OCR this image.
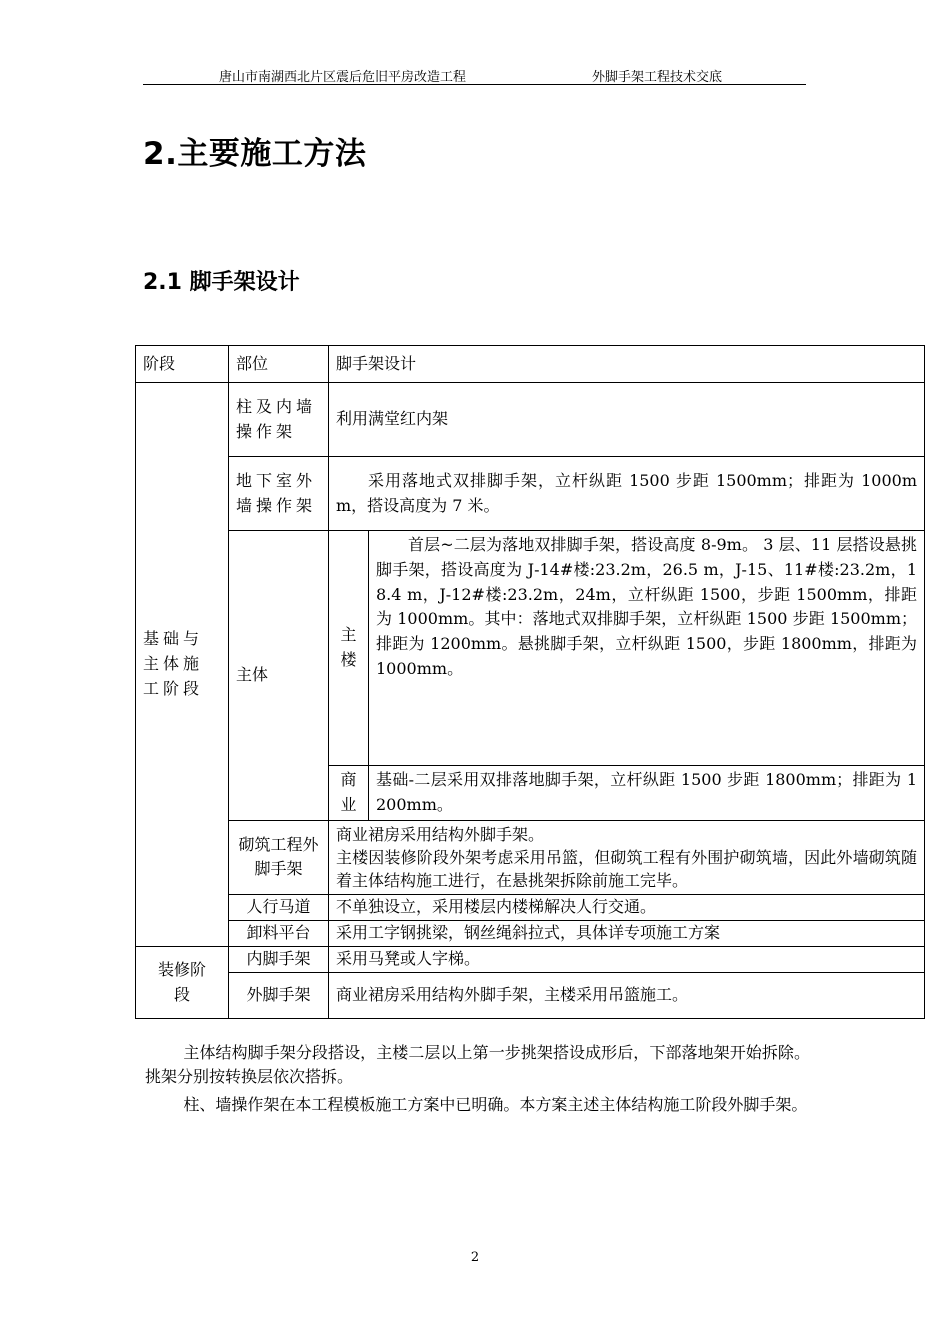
唐山市南湖西北片区震后危旧平房改造工程	外脚手架工程技术交底
2.主要施工方法
2.1 脚手架设计
阶段	部位	脚手架设计	
基础与主体施工阶段	柱及内墙操作架	利用满堂红内架	
	地下室外墙操作架	采用落地式双排脚手架，立杆纵距 1500 步距 1500mm；排距为 1000mm，搭设高度为 7 米。	
	主体	主楼	首层~二层为落地双排脚手架，搭设高度 8-9m。 3 层、11 层搭设悬挑脚手架，搭设高度为 J-14#楼:23.2m，26.5 m，J-15、11#楼:23.2m，18.4 m，J-12#楼:23.2m，24m，立杆纵距 1500，步距 1500mm，排距为 1000mm。其中：落地式双排脚手架，立杆纵距 1500 步距 1500mm；排距为 1200mm。悬挑脚手架，立杆纵距 1500，步距 1800mm，排距为 1000mm。
		商业	基础-二层采用双排落地脚手架，立杆纵距 1500 步距 1800mm；排距为 1200mm。
	砌筑工程外脚手架	商业裙房采用结构外脚手架。
主楼因装修阶段外架考虑采用吊篮，但砌筑工程有外围护砌筑墙，因此外墙砌筑随着主体结构施工进行，在悬挑架拆除前施工完毕。	

	人行马道	不单独设立，采用楼层内楼梯解决人行交通。	
	卸料平台	采用工字钢挑梁，钢丝绳斜拉式，具体详专项施工方案	
装修阶段	内脚手架	采用马凳或人字梯。	
	外脚手架	商业裙房采用结构外脚手架，主楼采用吊篮施工。	

主体结构脚手架分段搭设，主楼二层以上第一步挑架搭设成形后，下部落地架开始拆除。挑架分别按转换层依次搭拆。

柱、墙操作架在本工程模板施工方案中已明确。本方案主述主体结构施工阶段外脚手架。

2
